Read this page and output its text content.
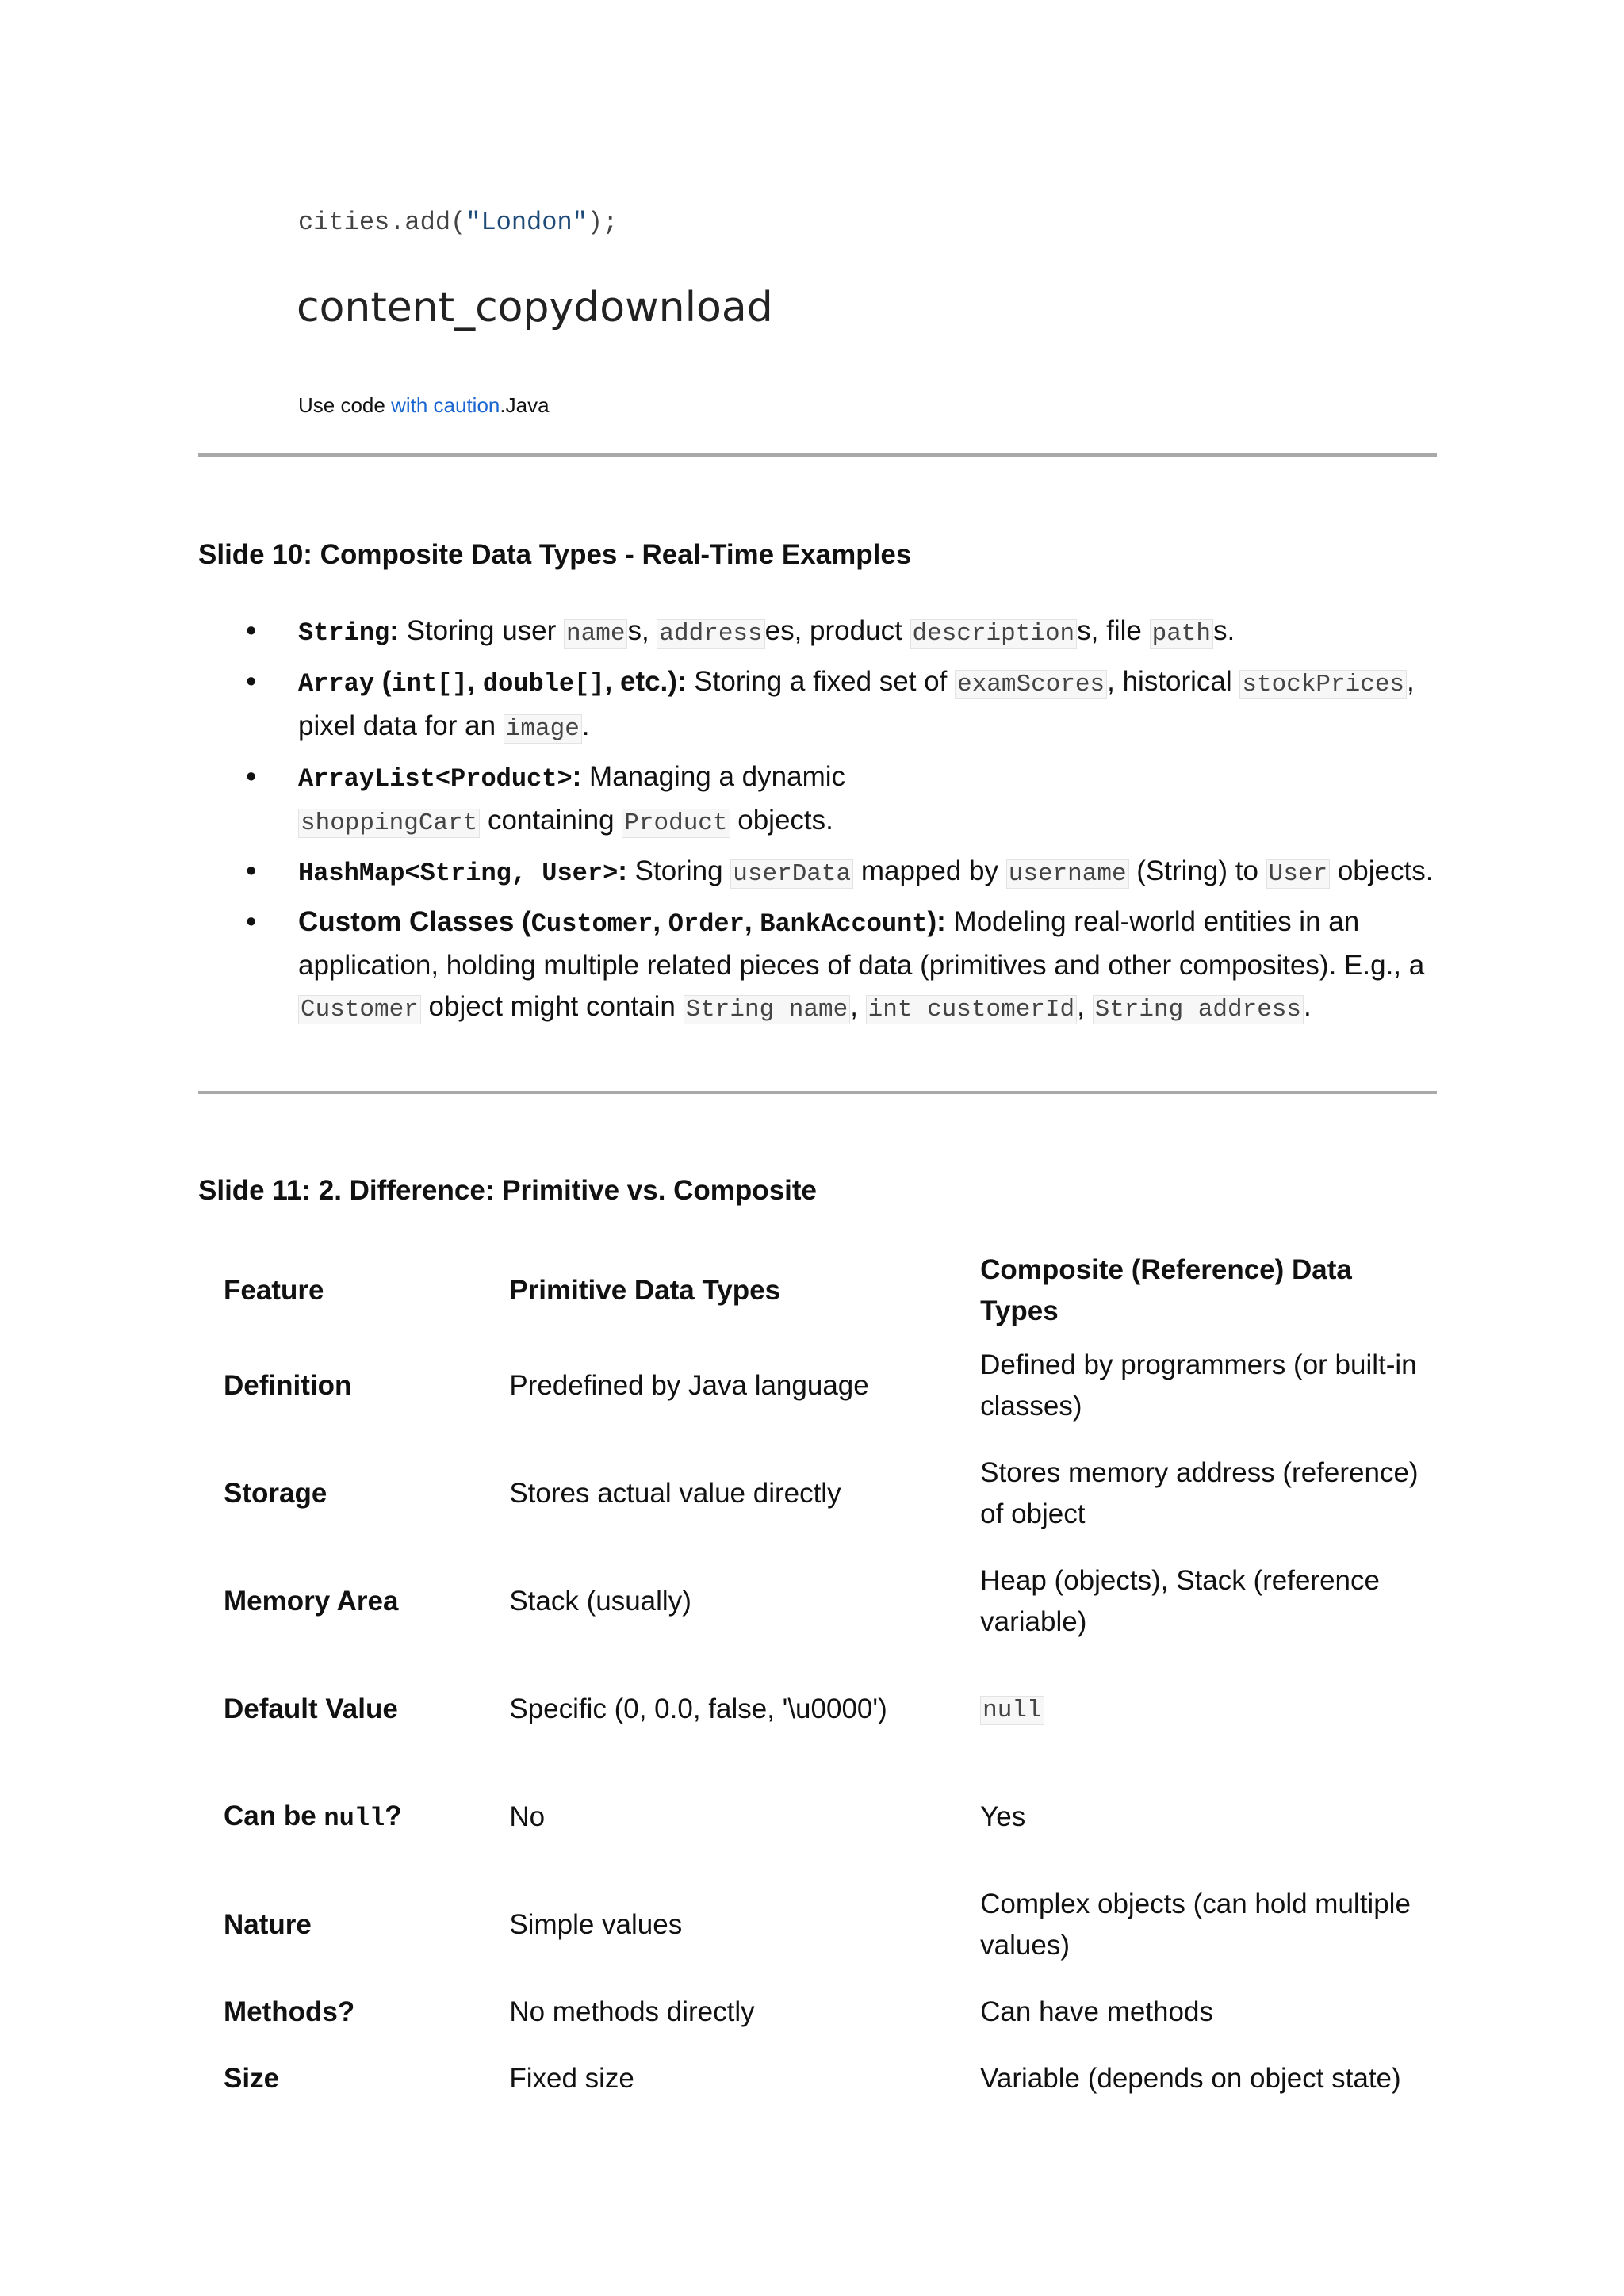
cities.add("London");
content_copydownload
Use code with caution.Java
Slide 10: Composite Data Types - Real-Time Examples
• String: Storing user names, addresses, product descriptions, file paths.
• Array (int[], double[], etc.): Storing a fixed set of examScores, historical stockPrices, pixel data for an image.
• ArrayList<Product>: Managing a dynamic shoppingCart containing Product objects.
• HashMap<String, User>: Storing userData mapped by username (String) to User objects.
• Custom Classes (Customer, Order, BankAccount): Modeling real-world entities in an application, holding multiple related pieces of data (primitives and other composites). E.g., a Customer object might contain String name, int customerId, String address.
Slide 11: 2. Difference: Primitive vs. Composite
Feature	Primitive Data Types	Composite (Reference) Data Types
Definition	Predefined by Java language	Defined by programmers (or built-in classes)
Storage	Stores actual value directly	Stores memory address (reference) of object
Memory Area	Stack (usually)	Heap (objects), Stack (reference variable)
Default Value	Specific (0, 0.0, false, '\u0000')	null
Can be null?	No	Yes
Nature	Simple values	Complex objects (can hold multiple values)
Methods?	No methods directly	Can have methods
Size	Fixed size	Variable (depends on object state)
